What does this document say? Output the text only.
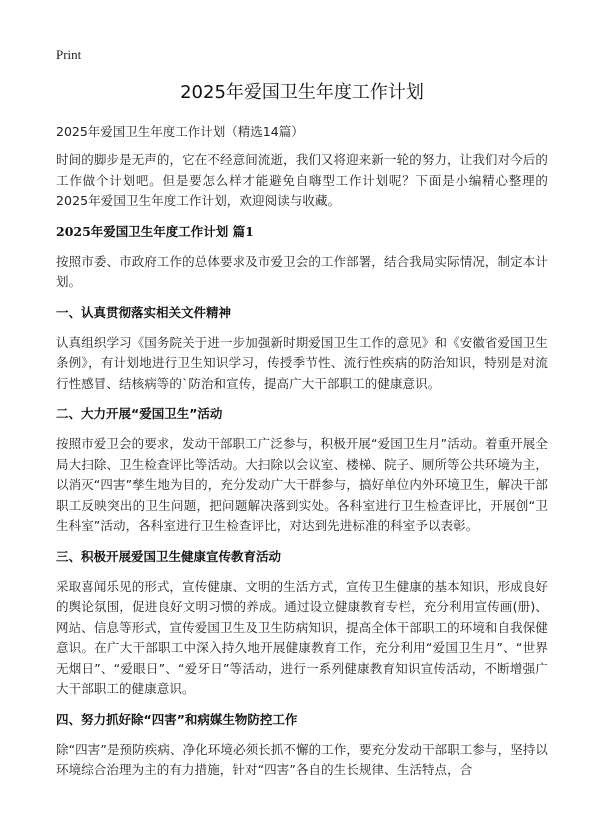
Print
2025年爱国卫生年度工作计划

2025年爱国卫生年度工作计划（精选14篇）

时间的脚步是无声的，它在不经意间流逝，我们又将迎来新一轮的努力，让我们对今后的工作做个计划吧。但是要怎么样才能避免自嗨型工作计划呢？下面是小编精心整理的2025年爱国卫生年度工作计划，欢迎阅读与收藏。

2025年爱国卫生年度工作计划 篇1

按照市委、市政府工作的总体要求及市爱卫会的工作部署，结合我局实际情况，制定本计划。

一、认真贯彻落实相关文件精神

认真组织学习《国务院关于进一步加强新时期爱国卫生工作的意见》和《安徽省爱国卫生条例》，有计划地进行卫生知识学习，传授季节性、流行性疾病的防治知识，特别是对流行性感冒、结核病等的`防治和宣传，提高广大干部职工的健康意识。

二、大力开展“爱国卫生”活动

按照市爱卫会的要求，发动干部职工广泛参与，积极开展“爱国卫生月”活动。着重开展全局大扫除、卫生检查评比等活动。大扫除以会议室、楼梯、院子、厕所等公共环境为主，以消灭“四害”孳生地为目的，充分发动广大干群参与，搞好单位内外环境卫生，解决干部职工反映突出的卫生问题，把问题解决落到实处。各科室进行卫生检查评比，开展创“卫生科室”活动，各科室进行卫生检查评比，对达到先进标准的科室予以表彰。

三、积极开展爱国卫生健康宣传教育活动

采取喜闻乐见的形式，宣传健康、文明的生活方式，宣传卫生健康的基本知识，形成良好的舆论氛围，促进良好文明习惯的养成。通过设立健康教育专栏，充分利用宣传画(册)、网站、信息等形式，宣传爱国卫生及卫生防病知识，提高全体干部职工的环境和自我保健意识。在广大干部职工中深入持久地开展健康教育工作，充分利用“爱国卫生月”、“世界无烟日”、“爱眼日”、“爱牙日”等活动，进行一系列健康教育知识宣传活动，不断增强广大干部职工的健康意识。

四、努力抓好除“四害”和病媒生物防控工作

除“四害”是预防疾病、净化环境必须长抓不懈的工作，要充分发动干部职工参与，坚持以环境综合治理为主的有力措施，针对“四害”各自的生长规律、生活特点，合
